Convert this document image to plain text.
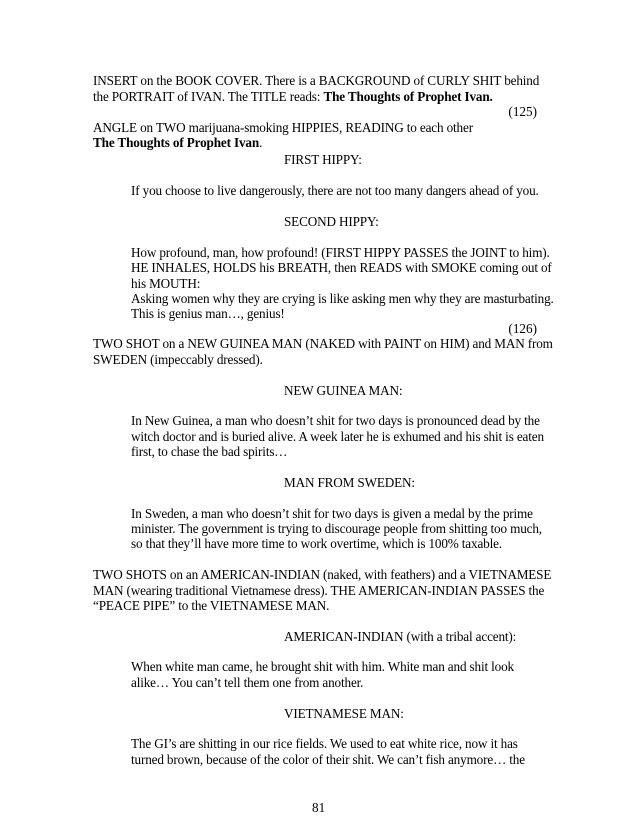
INSERT on the BOOK COVER. There is a BACKGROUND of CURLY SHIT behind
the PORTRAIT of IVAN. The TITLE reads: The Thoughts of Prophet Ivan.
(125)
ANGLE on TWO marijuana-smoking HIPPIES, READING to each other
The Thoughts of Prophet Ivan.
FIRST HIPPY:
If you choose to live dangerously, there are not too many dangers ahead of you.
SECOND HIPPY:
How profound, man, how profound! (FIRST HIPPY PASSES the JOINT to him).
HE INHALES, HOLDS his BREATH, then READS with SMOKE coming out of
his MOUTH:
Asking women why they are crying is like asking men why they are masturbating.
This is genius man…, genius!
(126)
TWO SHOT on a NEW GUINEA MAN (NAKED with PAINT on HIM) and MAN from
SWEDEN (impeccably dressed).
NEW GUINEA MAN:
In New Guinea, a man who doesn’t shit for two days is pronounced dead by the
witch doctor and is buried alive. A week later he is exhumed and his shit is eaten
first, to chase the bad spirits…
MAN FROM SWEDEN:
In Sweden, a man who doesn’t shit for two days is given a medal by the prime
minister. The government is trying to discourage people from shitting too much,
so that they’ll have more time to work overtime, which is 100% taxable.
TWO SHOTS on an AMERICAN-INDIAN (naked, with feathers) and a VIETNAMESE
MAN (wearing traditional Vietnamese dress). THE AMERICAN-INDIAN PASSES the
“PEACE PIPE” to the VIETNAMESE MAN.
AMERICAN-INDIAN (with a tribal accent):
When white man came, he brought shit with him. White man and shit look
alike… You can’t tell them one from another.
VIETNAMESE MAN:
The GI’s are shitting in our rice fields. We used to eat white rice, now it has
turned brown, because of the color of their shit. We can’t fish anymore… the
81
